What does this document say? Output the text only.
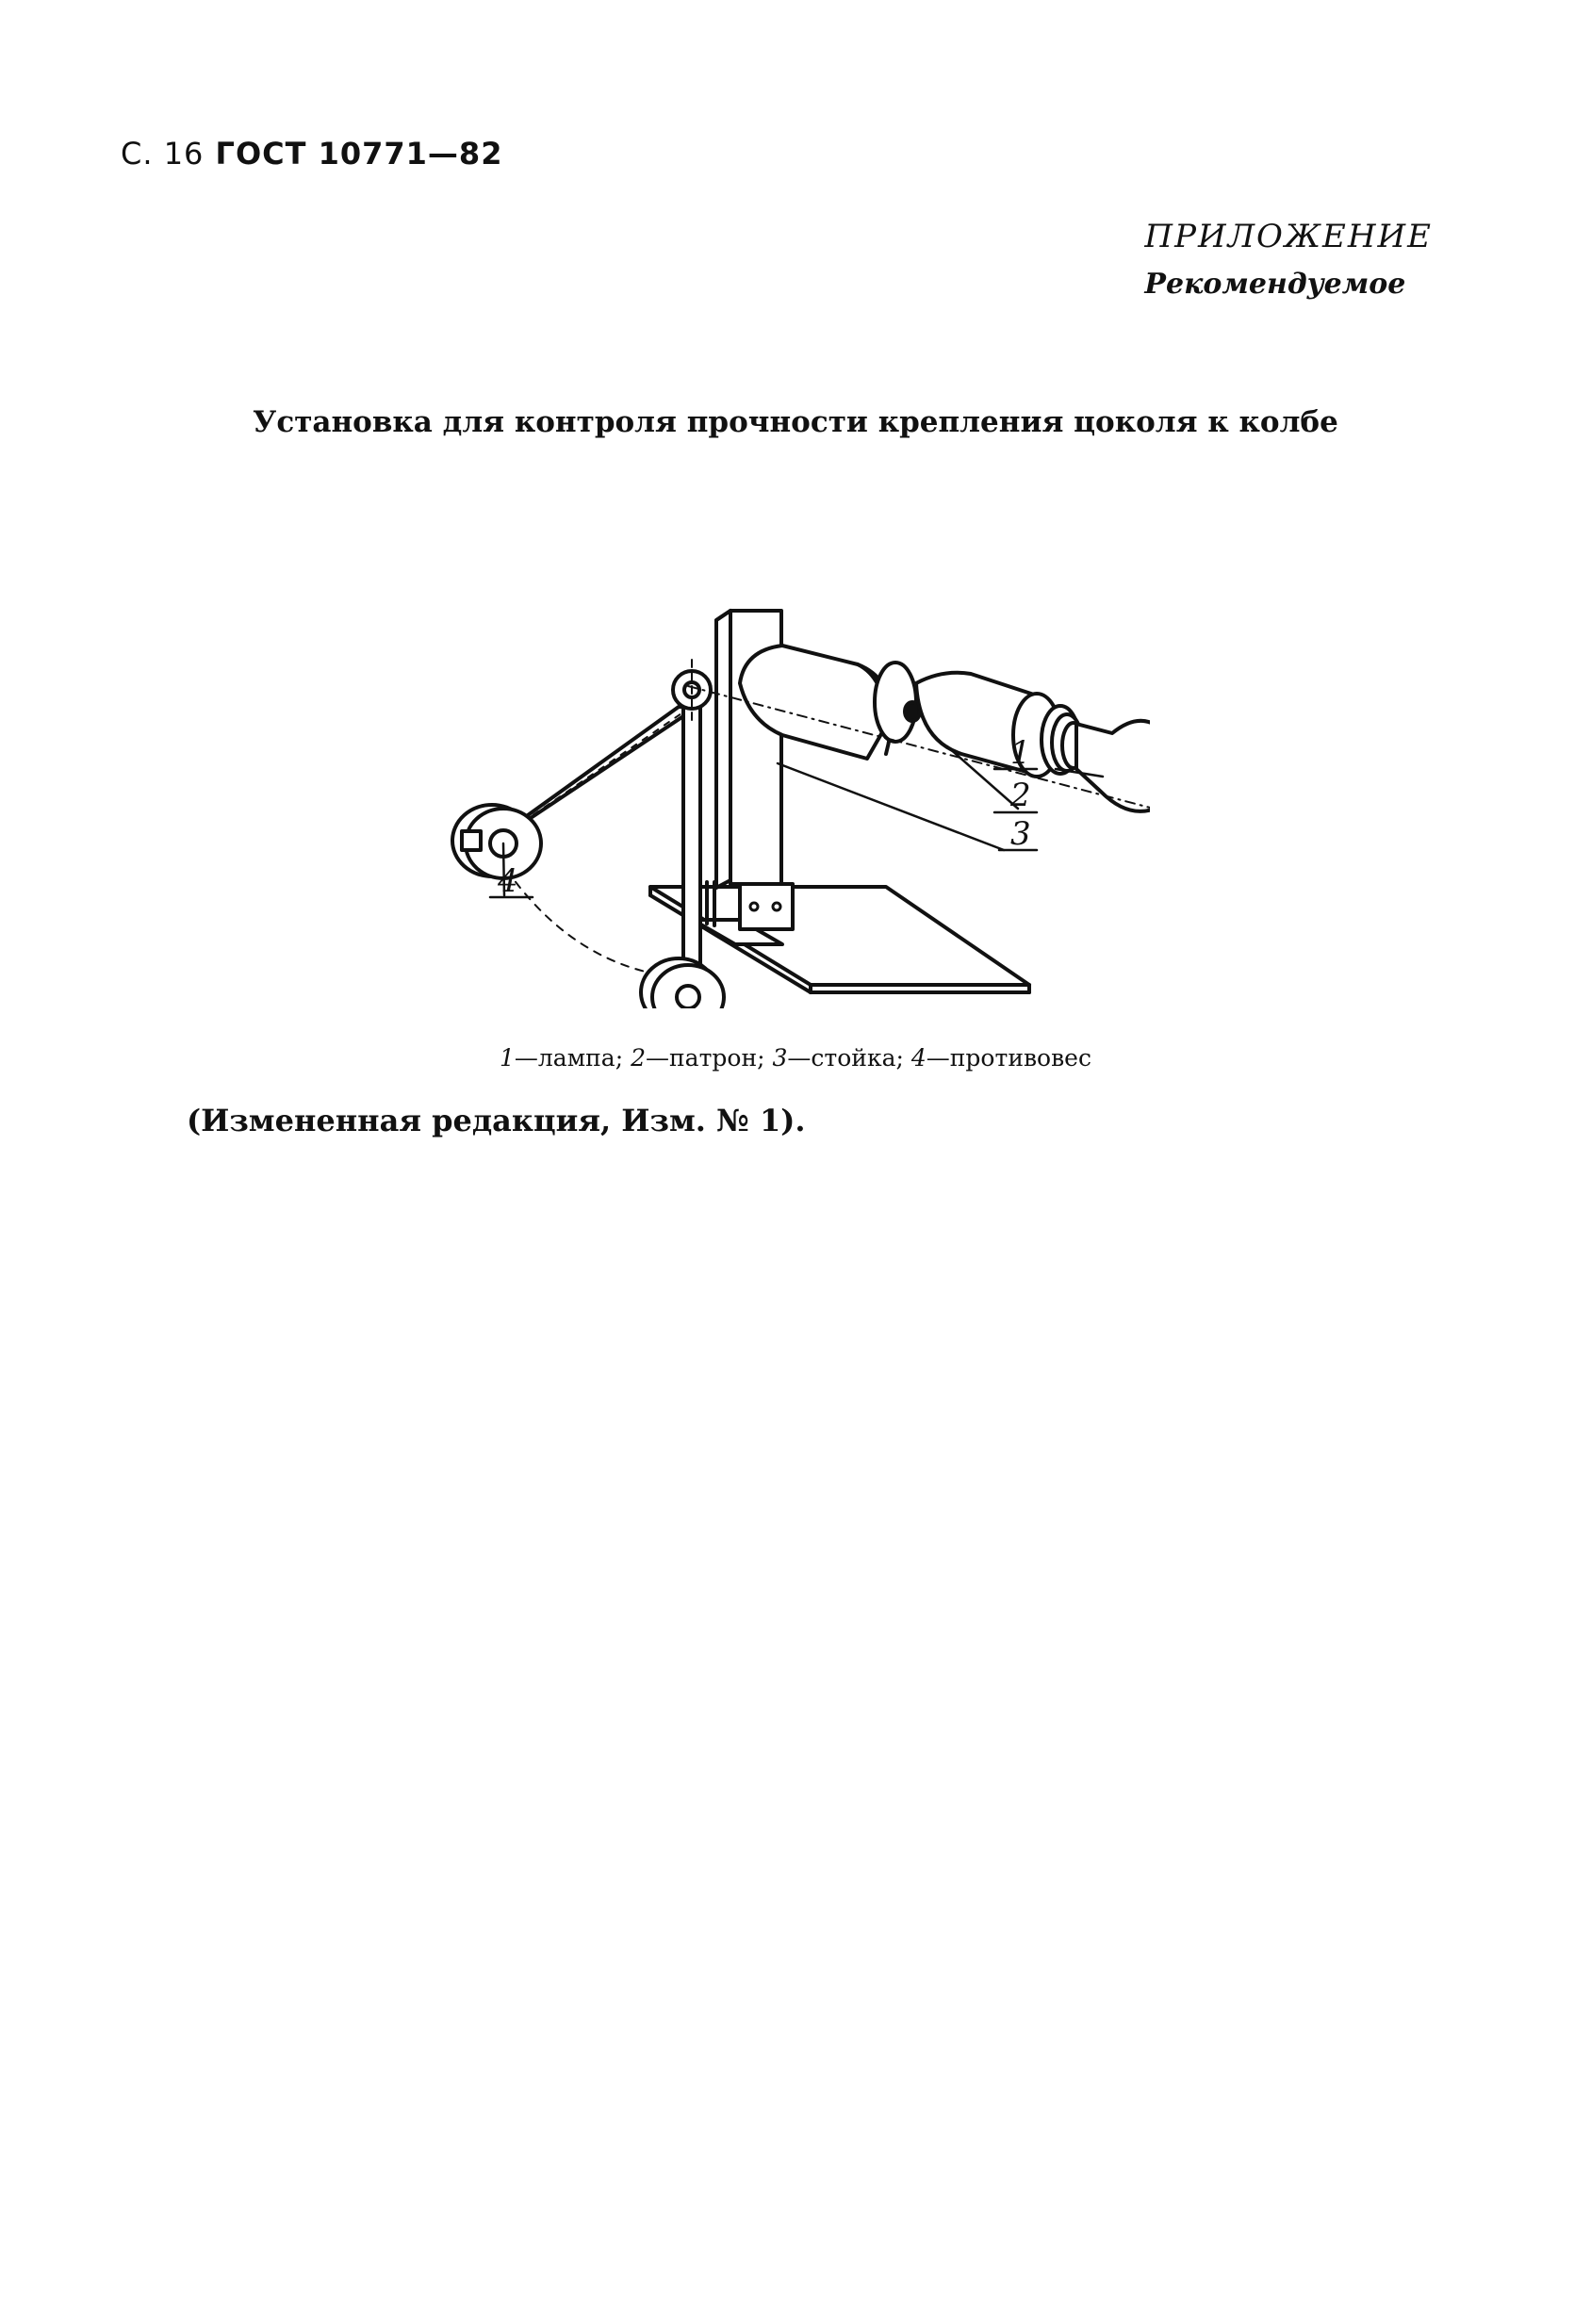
С. 16 ГОСТ 10771—82
ПРИЛОЖЕНИЕ
Рекомендуемое
Установка для контроля прочности крепления цоколя к колбе
1
2
3
4
1—лампа; 2—патрон; 3—стойка; 4—противовес
(Измененная редакция, Изм. № 1).
